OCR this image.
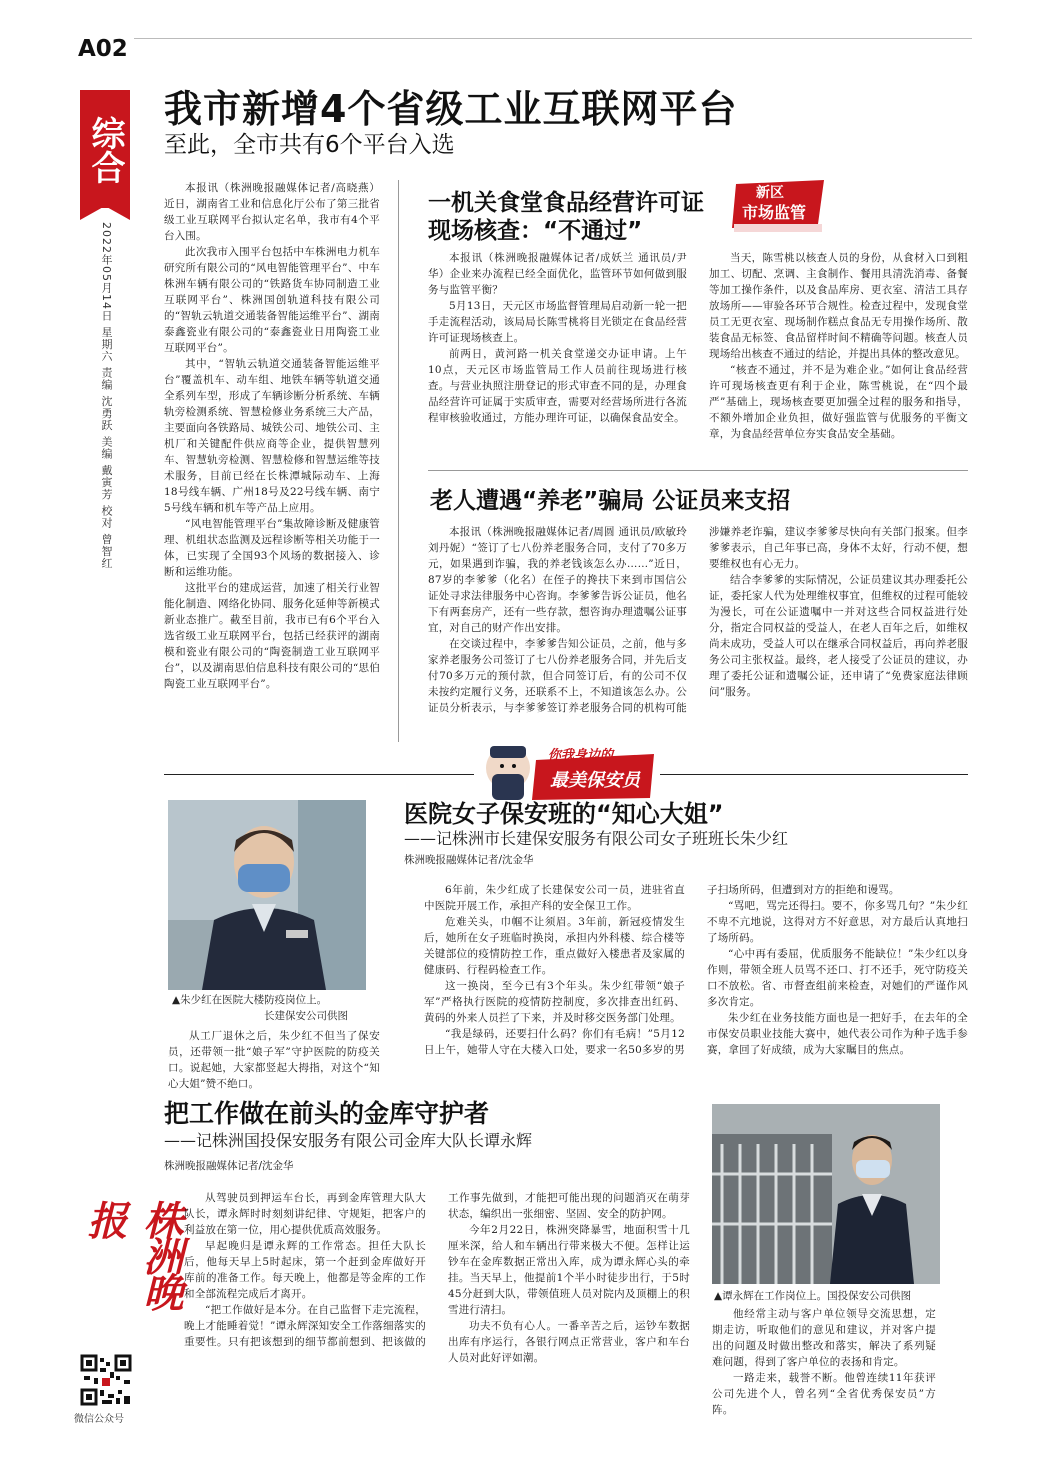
A02
综合
2022年05月14日 星期六 责编 沈勇跃 美编 戴寅芳 校对 曾智红
株洲晚报
微信公众号
我市新增4个省级工业互联网平台
至此，全市共有6个平台入选

本报讯（株洲晚报融媒体记者/高晓燕）近日，湖南省工业和信息化厅公布了第三批省级工业互联网平台拟认定名单，我市有4个平台入围。

此次我市入围平台包括中车株洲电力机车研究所有限公司的“风电智能管理平台”、中车株洲车辆有限公司的“铁路货车协同制造工业互联网平台”、株洲国创轨道科技有限公司的“智轨云轨道交通装备智能运维平台”、湖南泰鑫瓷业有限公司的“泰鑫瓷业日用陶瓷工业互联网平台”。

其中，“智轨云轨道交通装备智能运维平台”覆盖机车、动车组、地铁车辆等轨道交通全系列车型，形成了车辆诊断分析系统、车辆轨旁检测系统、智慧检修业务系统三大产品，主要面向各铁路局、城铁公司、地铁公司、主机厂和关键配件供应商等企业，提供智慧列车、智慧轨旁检测、智慧检修和智慧运维等技术服务，目前已经在长株潭城际动车、上海18号线车辆、广州18号及22号线车辆、南宁5号线车辆和机车等产品上应用。

“风电智能管理平台”集故障诊断及健康管理、机组状态监测及远程诊断等相关功能于一体，已实现了全国93个风场的数据接入、诊断和运维功能。

这批平台的建成运营，加速了相关行业智能化制造、网络化协同、服务化延伸等新模式新业态推广。截至目前，我市已有6个平台入选省级工业互联网平台，包括已经获评的湖南模和瓷业有限公司的“陶瓷制造工业互联网平台”，以及湖南思伯信息科技有限公司的“思伯陶瓷工业互联网平台”。

一机关食堂食品经营许可证
现场核查：“不通过”
新区
市场监管

本报讯（株洲晚报融媒体记者/成妖兰 通讯员/尹华）企业来办流程已经全面优化，监管环节如何做到服务与监管平衡？

5月13日，天元区市场监督管理局启动新一轮一把手走流程活动，该局局长陈雪桃将目光锁定在食品经营许可证现场核查上。

前两日，黄河路一机关食堂递交办证申请。上午10点，天元区市场监管局工作人员前往现场进行核查。与营业执照注册登记的形式审查不同的是，办理食品经营许可证属于实质审查，需要对经营场所进行各流程审核验收通过，方能办理许可证，以确保食品安全。

当天，陈雪桃以核查人员的身份，从食材入口到粗加工、切配、烹调、主食制作、餐用具清洗消毒、备餐等加工操作条件，以及食品库房、更衣室、清洁工具存放场所——审验各环节合规性。检查过程中，发现食堂员工无更衣室、现场制作糕点食品无专用操作场所、散装食品无标签、食品留样时间不精确等问题。核查人员现场给出核查不通过的结论，并提出具体的整改意见。

“核查不通过，并不是为难企业。”如何让食品经营许可现场核查更有利于企业，陈雪桃说，在“四个最严”基础上，现场核查要更加强全过程的服务和指导，不额外增加企业负担，做好强监管与优服务的平衡文章，为食品经营单位夯实食品安全基础。

老人遭遇“养老”骗局 公证员来支招

本报讯（株洲晚报融媒体记者/周圆 通讯员/欧敏玲 刘丹妮）“签订了七八份养老服务合同，支付了70多万元，如果遇到诈骗，我的养老钱该怎么办……”近日，87岁的李爹爹（化名）在侄子的搀扶下来到市国信公证处寻求法律服务中心咨询。李爹爹告诉公证员，他名下有两套房产，还有一些存款，想咨询办理遗嘱公证事宜，对自己的财产作出安排。

在交谈过程中，李爹爹告知公证员，之前，他与多家养老服务公司签订了七八份养老服务合同，并先后支付70多万元的预付款，但合同签订后，有的公司不仅未按约定履行义务，还联系不上，不知道该怎么办。公证员分析表示，与李爹爹签订养老服务合同的机构可能涉嫌养老诈骗，建议李爹爹尽快向有关部门报案。但李爹爹表示，自己年事已高，身体不太好，行动不便，想要维权也有心无力。

结合李爹爹的实际情况，公证员建议其办理委托公证，委托家人代为处理维权事宜，但维权的过程可能较为漫长，可在公证遗嘱中一并对这些合同权益进行处分，指定合同权益的受益人，在老人百年之后，如维权尚未成功，受益人可以在继承合同权益后，再向养老服务公司主张权益。最终，老人接受了公证员的建议，办理了委托公证和遗嘱公证，还申请了“免费家庭法律顾问”服务。

你我身边的
最美保安员
医院女子保安班的“知心大姐”
——记株洲市长建保安服务有限公司女子班班长朱少红
株洲晚报融媒体记者/沈金华
▲朱少红在医院大楼防疫岗位上。
长建保安公司供图

从工厂退休之后，朱少红不但当了保安员，还带领一批“娘子军”守护医院的防疫关口。说起她，大家都竖起大拇指，对这个“知心大姐”赞不绝口。

6年前，朱少红成了长建保安公司一员，进驻省直中医院开展工作，承担产科的安全保卫工作。

危难关头，巾帼不让须眉。3年前，新冠疫情发生后，她所在女子班临时换岗，承担内外科楼、综合楼等关键部位的疫情防控工作，重点做好入楼患者及家属的健康码、行程码检查工作。

这一换岗，至今已有3个年头。朱少红带领“娘子军”严格执行医院的疫情防控制度，多次排查出红码、黄码的外来人员拦了下来，并及时移交医务部门处理。

“我是绿码，还要扫什么码？你们有毛病！”5月12日上午，她带人守在大楼入口处，要求一名50多岁的男子扫场所码，但遭到对方的拒绝和谩骂。

“骂吧，骂完还得扫。要不，你多骂几句？”朱少红不卑不亢地说，这得对方不好意思，对方最后认真地扫了场所码。

“心中再有委屈，优质服务不能缺位！”朱少红以身作则，带领全班人员骂不还口、打不还手，死守防疫关口不放松。省、市督查组前来检查，对她们的严谨作风多次肯定。

朱少红在业务技能方面也是一把好手，在去年的全市保安员职业技能大赛中，她代表公司作为种子选手参赛，拿回了好成绩，成为大家瞩目的焦点。

把工作做在前头的金库守护者
——记株洲国投保安服务有限公司金库大队长谭永辉
株洲晚报融媒体记者/沈金华

从驾驶员到押运车台长，再到金库管理大队大队长，谭永辉时时刻刻讲纪律、守规矩，把客户的利益放在第一位，用心提供优质高效服务。

早起晚归是谭永辉的工作常态。担任大队长后，他每天早上5时起床，第一个赶到金库做好开库前的准备工作。每天晚上，他都是等金库的工作和全部流程完成后才离开。

“把工作做好是本分。在自己监督下走完流程，晚上才能睡着觉！”谭永辉深知安全工作落细落实的重要性。只有把该想到的细节都前想到、把该做的工作事先做到，才能把可能出现的问题消灭在萌芽状态，编织出一张细密、坚固、安全的防护网。

今年2月22日，株洲突降暴雪，地面积雪十几厘米深，给人和车辆出行带来极大不便。怎样让运钞车在金库数据正常出入库，成为谭永辉心头的牵挂。当天早上，他提前1个半小时徒步出行，于5时45分赶到大队，带领值班人员对院内及顶棚上的积雪进行清扫。

功夫不负有心人。一番辛苦之后，运钞车数据出库有序运行，各银行网点正常营业，客户和车台人员对此好评如潮。

▲谭永辉在工作岗位上。国投保安公司供图

他经常主动与客户单位领导交流思想，定期走访，听取他们的意见和建议，并对客户提出的问题及时做出整改和落实，解决了系列疑难问题，得到了客户单位的表扬和肯定。

一路走来，载誉不断。他曾连续11年获评公司先进个人，曾名列“全省优秀保安员”方阵。
